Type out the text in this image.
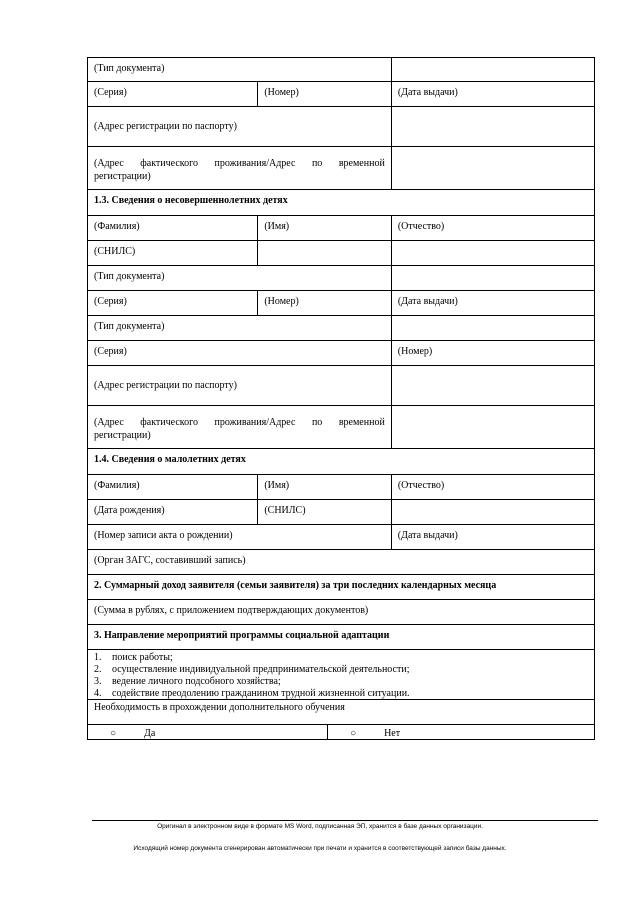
(Тип документа)
(Серия)	(Номер)	(Дата выдачи)
(Адрес регистрации по паспорту)
(Адрес фактического проживания/Адрес по временной регистрации)
1.3. Сведения о несовершеннолетних детях
(Фамилия)	(Имя)	(Отчество)
(СНИЛС)
(Тип документа)
(Серия)	(Номер)	(Дата выдачи)
(Тип документа)
(Серия)	(Номер)
(Адрес регистрации по паспорту)
(Адрес фактического проживания/Адрес по временной регистрации)
1.4. Сведения о малолетних детях
(Фамилия)	(Имя)	(Отчество)
(Дата рождения)	(СНИЛС)
(Номер записи акта о рождении)	(Дата выдачи)
(Орган ЗАГС, составивший запись)
2. Суммарный доход заявителя (семьи заявителя) за три последних календарных месяца
(Сумма в рублях, с приложением подтверждающих документов)
3. Направление мероприятий программы социальной адаптации
1.	поиск работы;
2.	осуществление индивидуальной предпринимательской деятельности;
3.	ведение личного подсобного хозяйства;
4.	содействие преодолению гражданином трудной жизненной ситуации.
Необходимость в прохождении дополнительного обучения
○	Да	○	Нет
Оригинал в электронном виде в формате MS Word, подписанная ЭП, хранится в базе данных организации.
Исходящий номер документа сгенерирован автоматически при печати и хранится в соответствующей записи базы данных.
